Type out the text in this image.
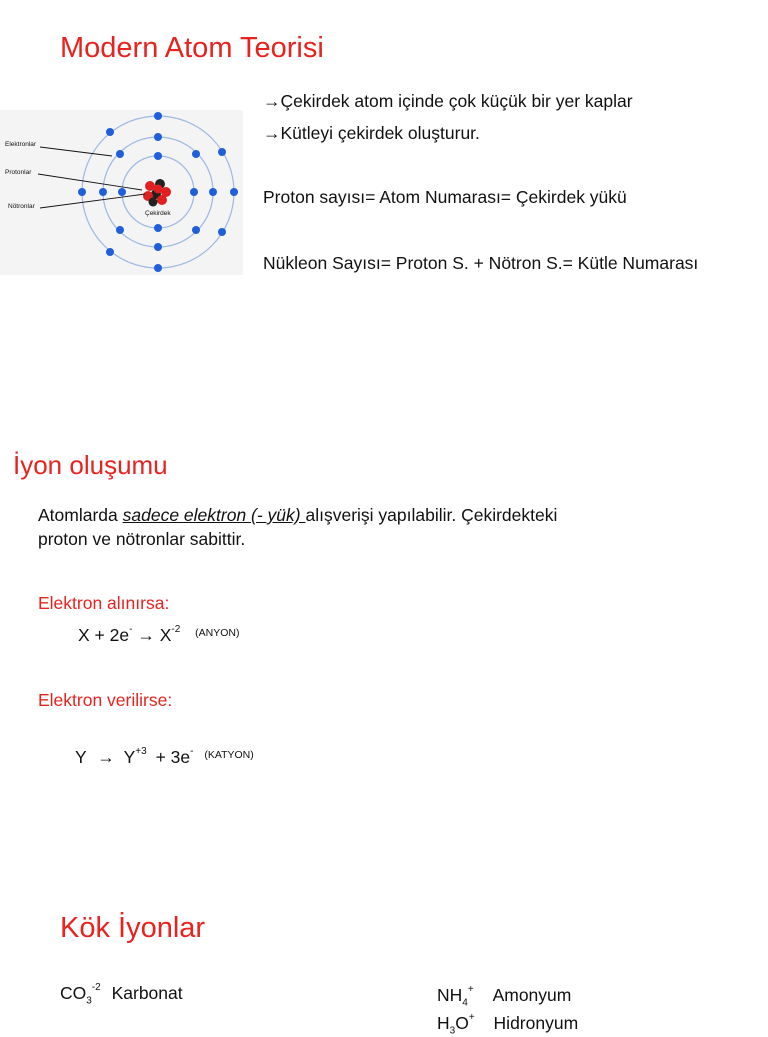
Modern Atom Teorisi
Elektronlar
Protonlar
Nötronlar
Çekirdek
→Çekirdek atom içinde çok küçük bir yer kaplar
→Kütleyi çekirdek oluşturur.
Proton sayısı= Atom Numarası= Çekirdek yükü
Nükleon Sayısı= Proton S. + Nötron S.= Kütle Numarası
İyon oluşumu
Atomlarda sadece elektron (- yük) alışverişi yapılabilir. Çekirdekteki
proton ve nötronlar sabittir.
Elektron alınırsa:
$X + 2e^- \to X^{-2}$ $^{(ANYON)}$
Elektron verilirse:
$Y \to Y^{+3} + 3e^-$ $^{(KATYON)}$
Kök İyonlar
$CO_3^{-2}$ Karbonat	$NH_4^+$ Amonyum
$H_3O^+$ Hidronyum
